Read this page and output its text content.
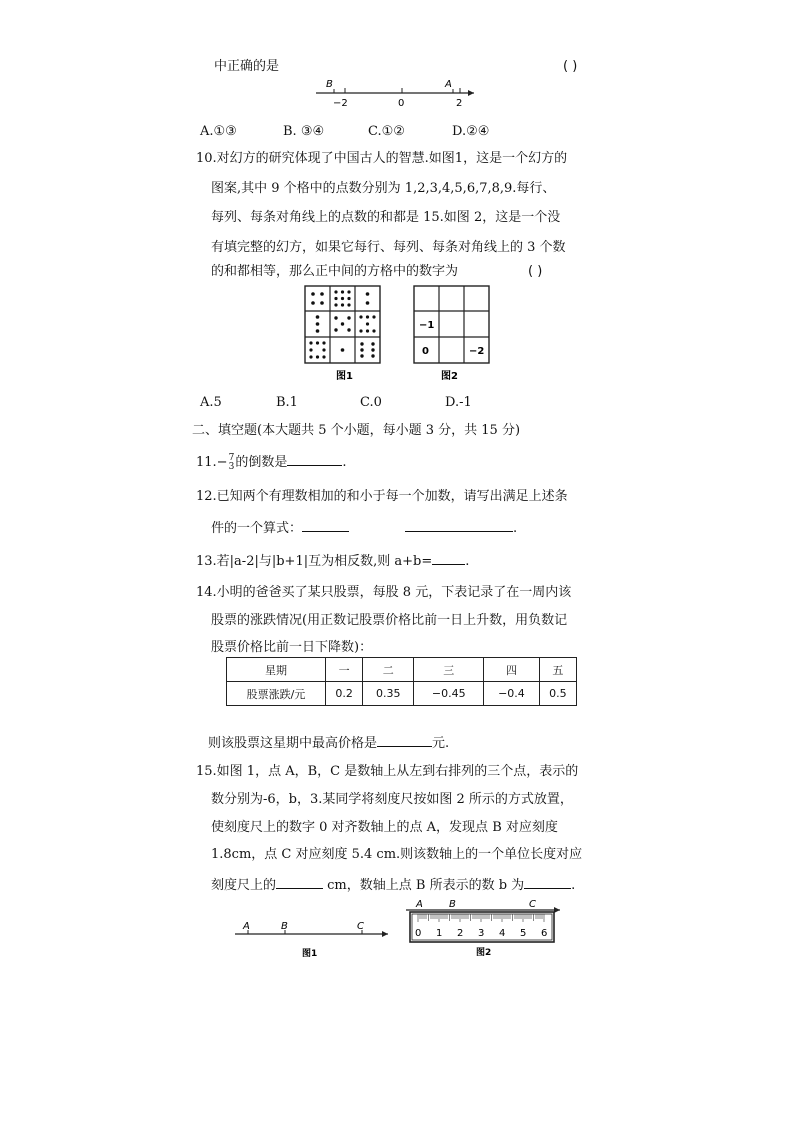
中正确的是	( )
B	A
−2	0	2
A.①③	B. ③④	C.①②	D.②④
10.对幻方的研究体现了中国古人的智慧.如图1，这是一个幻方的
图案,其中 9 个格中的点数分别为 1,2,3,4,5,6,7,8,9.每行、
每列、每条对角线上的点数的和都是 15.如图 2，这是一个没
有填完整的幻方，如果它每行、每列、每条对角线上的 3 个数
的和都相等，那么正中间的方格中的数字为	( )
图1
−1
0	−2
图2
A.5	B.1	C.0	D.-1
二、填空题(本大题共 5 个小题，每小题 3 分，共 15 分)
11.− 7
3 的倒数是	.
12.已知两个有理数相加的和小于每一个加数，请写出满足上述条
件的一个算式：	.
13.若|a-2|与|b+1|互为相反数,则 a+b=	.
14.小明的爸爸买了某只股票，每股 8 元，下表记录了在一周内该
股票的涨跌情况(用正数记股票价格比前一日上升数，用负数记
股票价格比前一日下降数)：
星期	一	二	三	四	五
股票涨跌/元	0.2	0.35	−0.45	−0.4	0.5
则该股票这星期中最高价格是	元.
15.如图 1，点 A，B，C 是数轴上从左到右排列的三个点，表示的
数分别为-6，b，3.某同学将刻度尺按如图 2 所示的方式放置，
使刻度尺上的数字 0 对齐数轴上的点 A，发现点 B 对应刻度
1.8cm，点 C 对应刻度 5.4 cm.则该数轴上的一个单位长度对应
刻度尺上的	cm，数轴上点 B 所表示的数 b 为	.
A	B	C
图1
A	B	C
0 1 2 3 4 5 6
图2
